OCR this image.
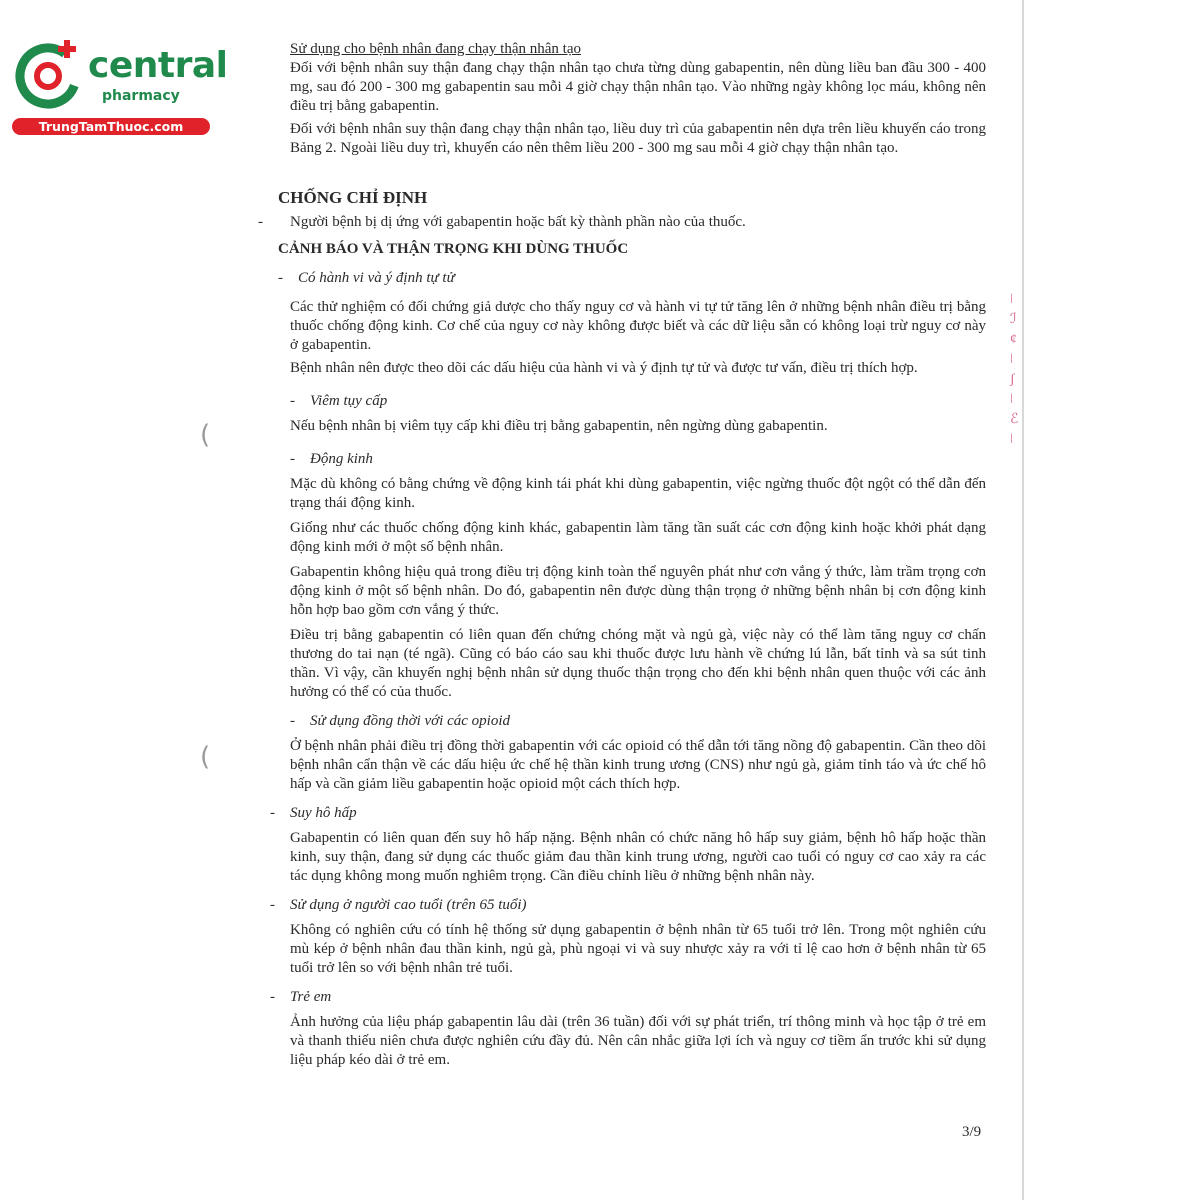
central
pharmacy
TrungTamThuoc.com
ǀ
ℐ
ȼ
ǀ
ʃ
ǀ
ℰ
ǀ
(
(

Sử dụng cho bệnh nhân đang chạy thận nhân tạo

Đối với bệnh nhân suy thận đang chạy thận nhân tạo chưa từng dùng gabapentin, nên dùng liều ban đầu 300 - 400 mg, sau đó 200 - 300 mg gabapentin sau mỗi 4 giờ chạy thận nhân tạo. Vào những ngày không lọc máu, không nên điều trị bằng gabapentin.

Đối với bệnh nhân suy thận đang chạy thận nhân tạo, liều duy trì của gabapentin nên dựa trên liều khuyến cáo trong Bảng 2. Ngoài liều duy trì, khuyến cáo nên thêm liều 200 - 300 mg sau mỗi 4 giờ chạy thận nhân tạo.

CHỐNG CHỈ ĐỊNH

- Người bệnh bị dị ứng với gabapentin hoặc bất kỳ thành phần nào của thuốc.

CẢNH BÁO VÀ THẬN TRỌNG KHI DÙNG THUỐC

- Có hành vi và ý định tự tử

Các thử nghiệm có đối chứng giả dược cho thấy nguy cơ và hành vi tự tử tăng lên ở những bệnh nhân điều trị bằng thuốc chống động kinh. Cơ chế của nguy cơ này không được biết và các dữ liệu sẵn có không loại trừ nguy cơ này ở gabapentin.

Bệnh nhân nên được theo dõi các dấu hiệu của hành vi và ý định tự tử và được tư vấn, điều trị thích hợp.

- Viêm tụy cấp

Nếu bệnh nhân bị viêm tụy cấp khi điều trị bằng gabapentin, nên ngừng dùng gabapentin.

- Động kinh

Mặc dù không có bằng chứng về động kinh tái phát khi dùng gabapentin, việc ngừng thuốc đột ngột có thể dẫn đến trạng thái động kinh.

Giống như các thuốc chống động kinh khác, gabapentin làm tăng tần suất các cơn động kinh hoặc khởi phát dạng động kinh mới ở một số bệnh nhân.

Gabapentin không hiệu quả trong điều trị động kinh toàn thể nguyên phát như cơn vắng ý thức, làm trầm trọng cơn động kinh ở một số bệnh nhân. Do đó, gabapentin nên được dùng thận trọng ở những bệnh nhân bị cơn động kinh hỗn hợp bao gồm cơn vắng ý thức.

Điều trị bằng gabapentin có liên quan đến chứng chóng mặt và ngủ gà, việc này có thể làm tăng nguy cơ chấn thương do tai nạn (té ngã). Cũng có báo cáo sau khi thuốc được lưu hành về chứng lú lẫn, bất tỉnh và sa sút tinh thần. Vì vậy, cần khuyến nghị bệnh nhân sử dụng thuốc thận trọng cho đến khi bệnh nhân quen thuộc với các ảnh hưởng có thể có của thuốc.

- Sử dụng đồng thời với các opioid

Ở bệnh nhân phải điều trị đồng thời gabapentin với các opioid có thể dẫn tới tăng nồng độ gabapentin. Cần theo dõi bệnh nhân cẩn thận về các dấu hiệu ức chế hệ thần kinh trung ương (CNS) như ngủ gà, giảm tỉnh táo và ức chế hô hấp và cần giảm liều gabapentin hoặc opioid một cách thích hợp.

- Suy hô hấp

Gabapentin có liên quan đến suy hô hấp nặng. Bệnh nhân có chức năng hô hấp suy giảm, bệnh hô hấp hoặc thần kinh, suy thận, đang sử dụng các thuốc giảm đau thần kinh trung ương, người cao tuổi có nguy cơ cao xảy ra các tác dụng không mong muốn nghiêm trọng. Cần điều chỉnh liều ở những bệnh nhân này.

- Sử dụng ở người cao tuổi (trên 65 tuổi)

Không có nghiên cứu có tính hệ thống sử dụng gabapentin ở bệnh nhân từ 65 tuổi trở lên. Trong một nghiên cứu mù kép ở bệnh nhân đau thần kinh, ngủ gà, phù ngoại vi và suy nhược xảy ra với tỉ lệ cao hơn ở bệnh nhân từ 65 tuổi trở lên so với bệnh nhân trẻ tuổi.

- Trẻ em

Ảnh hưởng của liệu pháp gabapentin lâu dài (trên 36 tuần) đối với sự phát triển, trí thông minh và học tập ở trẻ em và thanh thiếu niên chưa được nghiên cứu đầy đủ. Nên cân nhắc giữa lợi ích và nguy cơ tiềm ẩn trước khi sử dụng liệu pháp kéo dài ở trẻ em.

3/9
